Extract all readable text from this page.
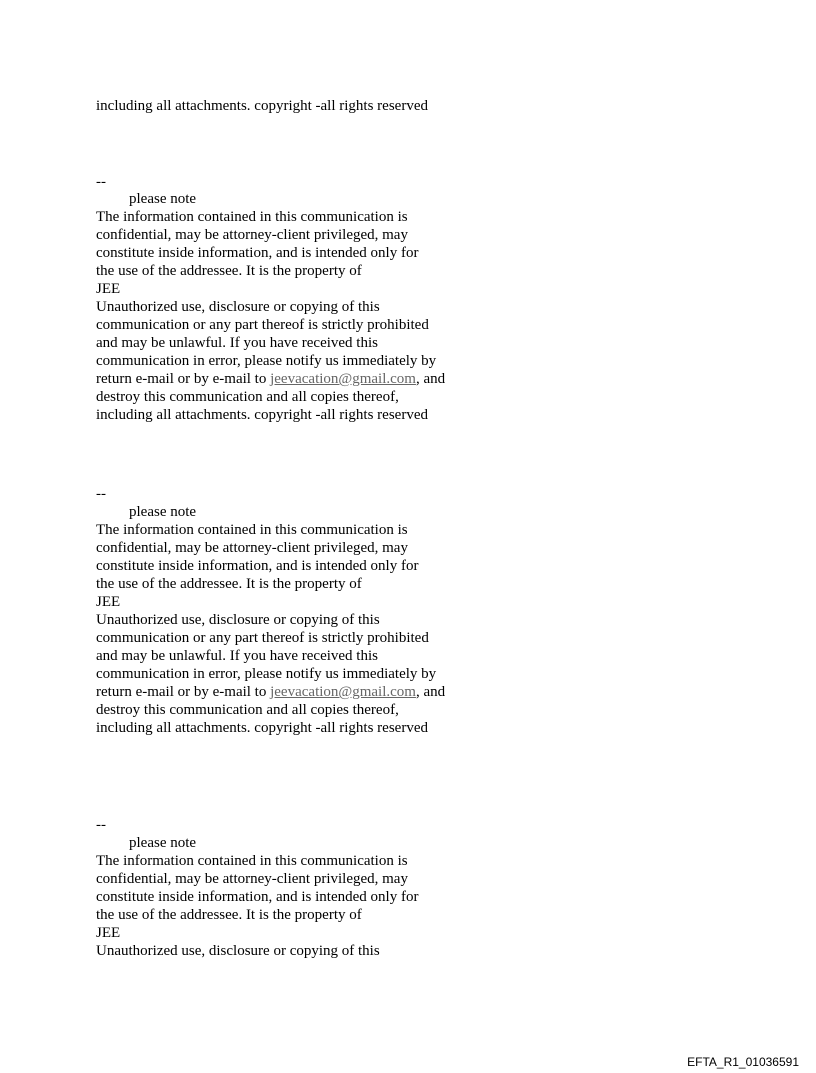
including all attachments. copyright -all rights reserved
--
please note
The information contained in this communication is
confidential, may be attorney-client privileged, may
constitute inside information, and is intended only for
the use of the addressee. It is the property of
JEE
Unauthorized use, disclosure or copying of this
communication or any part thereof is strictly prohibited
and may be unlawful. If you have received this
communication in error, please notify us immediately by
return e-mail or by e-mail to jeevacation@gmail.com, and
destroy this communication and all copies thereof,
including all attachments. copyright -all rights reserved
--
please note
The information contained in this communication is
confidential, may be attorney-client privileged, may
constitute inside information, and is intended only for
the use of the addressee. It is the property of
JEE
Unauthorized use, disclosure or copying of this
communication or any part thereof is strictly prohibited
and may be unlawful. If you have received this
communication in error, please notify us immediately by
return e-mail or by e-mail to jeevacation@gmail.com, and
destroy this communication and all copies thereof,
including all attachments. copyright -all rights reserved
--
please note
The information contained in this communication is
confidential, may be attorney-client privileged, may
constitute inside information, and is intended only for
the use of the addressee. It is the property of
JEE
Unauthorized use, disclosure or copying of this
EFTA_R1_01036591
